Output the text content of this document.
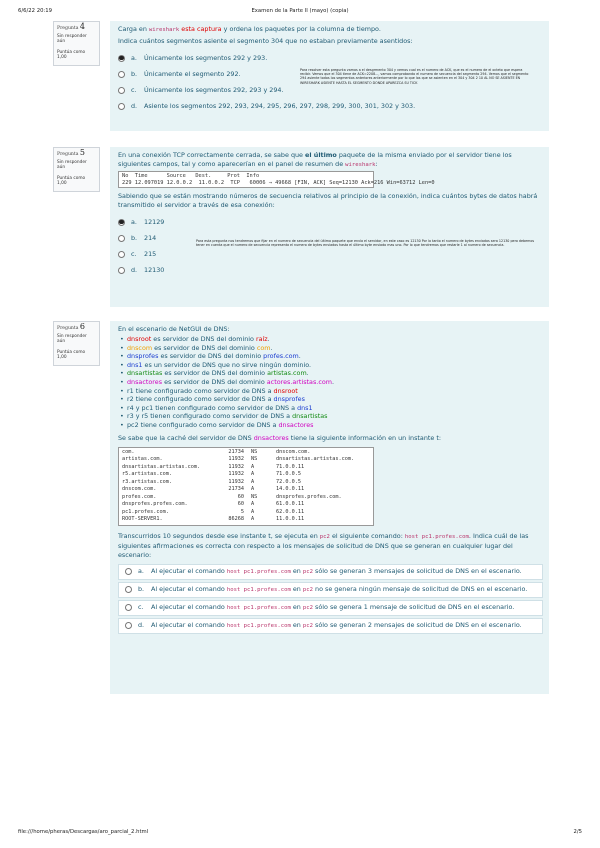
6/6/22 20:19	Examen de la Parte II (mayo) (copia)
Pregunta 4
Sin responder aún
Puntúa como 1,00

Carga en wireshark esta captura y ordena los paquetes por la columna de tiempo.

Indica cuántos segmentos asiente el segmento 304 que no estaban previamente asentidos:

a.	Únicamente los segmentos 292 y 293.
b.	Únicamente el segmento 292.
c.	Únicamente los segmentos 292, 293 y 294.
d.	Asiente los segmentos 292, 293, 294, 295, 296, 297, 298, 299, 300, 301, 302 y 303.
Para resolver esta pregunta vamos a el desgrmento 304 y vemos cual es el numero de ACK, que es el numero de el octeto que espera recibir. Vemos que el 304 tiene de ACK=2208..., vamos comprobando el numero de secuencia del segmento 294. Vemos que el segmento 294 asiente todos los segmentos anteriores anteriormente por lo que los que se asienten en el 304 y 304 2 10 AL NO SE ASIENTE EN WIRESHARK ASIENTE HASTA EL SEGMENTO DONDE APAREZCA SU TICK
Pregunta 5
Sin responder aún
Puntúa como 1,00

En una conexión TCP correctamente cerrada, se sabe que el último paquete de la misma enviado por el servidor tiene los siguientes campos, tal y como aparecerían en el panel de resumen de wireshark:

No  Time      Source   Dest.     Prot  Info
229 12.097019 12.0.0.2  11.0.0.2  TCP   60006 → 49668 [FIN, ACK] Seq=12130 Ack=216 Win=63712 Len=0

Sabiendo que se están mostrando números de secuencia relativos al principio de la conexión, indica cuántos bytes de datos habrá transmitido el servidor a través de esa conexión:

a.	12129
b.	214
c.	215
d.	12130
Para esta pregunta nos tendremos que fijar en el numero de secuencia del último paquete que envía el servidor, en este caso es 12130 Por lo tanto el numero de bytes enviados sera 12130 pero debemos tener en cuenta que el numero de secuencia representa el numero de bytes enviados hasta el último byte enviado mas uno. Por lo que tendremos que restarle 1 al numero de secuencia.
Pregunta 6
Sin responder aún
Puntúa como 1,00

En el escenario de NetGUI de DNS:

• dnsroot es servidor de DNS del dominio raíz.
• dnscom es servidor de DNS del dominio com.
• dnsprofes es servidor de DNS del dominio profes.com.
• dns1 es un servidor de DNS que no sirve ningún dominio.
• dnsartistas es servidor de DNS del dominio artistas.com.
• dnsactores es servidor de DNS del dominio actores.artistas.com.
• r1 tiene configurado como servidor de DNS a dnsroot
• r2 tiene configurado como servidor de DNS a dnsprofes
• r4 y pc1 tienen configurado como servidor de DNS a dns1
• r3 y r5 tienen configurado como servidor de DNS a dnsartistas
• pc2 tiene configurado como servidor de DNS a dnsactores

Se sabe que la caché del servidor de DNS dnsactores tiene la siguiente información en un instante t:

com.	21734 NS	dnscom.com.
artistas.com.	11932 NS	dnsartistas.artistas.com.
dnsartistas.artistas.com.	11932 A	71.0.0.11
r5.artistas.com.	11932 A	71.0.0.5
r3.artistas.com.	11932 A	72.0.0.5
dnscom.com.	21734 A	14.0.0.11
profes.com.	60 NS	dnsprofes.profes.com.
dnsprofes.profes.com.	60 A	61.0.0.11
pc1.profes.com.	5 A	62.0.0.11
ROOT-SERVER1.	86268 A	11.0.0.11

Transcurridos 10 segundos desde ese instante t, se ejecuta en pc2 el siguiente comando: host pc1.profes.com. Indica cuál de las siguientes afirmaciones es correcta con respecto a los mensajes de solicitud de DNS que se generan en cualquier lugar del escenario:

a.	Al ejecutar el comando host pc1.profes.com en pc2 sólo se generan 3 mensajes de solicitud de DNS en el escenario.
b.	Al ejecutar el comando host pc1.profes.com en pc2 no se genera ningún mensaje de solicitud de DNS en el escenario.
c.	Al ejecutar el comando host pc1.profes.com en pc2 sólo se genera 1 mensaje de solicitud de DNS en el escenario.
d.	Al ejecutar el comando host pc1.profes.com en pc2 sólo se generan 2 mensajes de solicitud de DNS en el escenario.
file:///home/pheras/Descargas/aro_parcial_2.html	2/5
